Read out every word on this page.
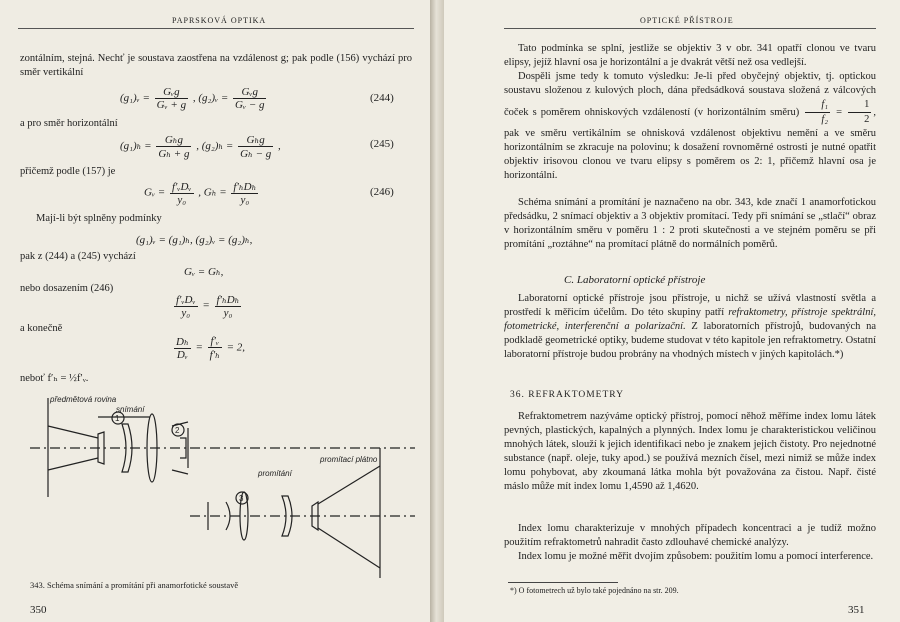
PAPRSKOVÁ OPTIKA
zontálním, stejná. Nechť je soustava zaostřena na vzdálenost g; pak podle (156) vychází pro směr vertikální
(g₁)ᵥ = $\frac{\text{Gᵥg}}{\text{Gᵥ + g}}$ , (g₂)ᵥ = $\frac{\text{Gᵥg}}{\text{Gᵥ − g}}$	(244)
a pro směr horizontální
$(g_1)_h = \frac{\text{Gₕg}}{\text{Gₕ + g}}$ , $(g_2)_h = \frac{\text{Gₕg}}{\text{Gₕ − g}}$ ,	(245)
přičemž podle (157) je
Gᵥ = $\frac{\text{f′ᵥDᵥ}}{\text{y₀}}$ , $G_h = \frac{\text{f′ₕDₕ}}{\text{y₀}}$	(246)
Mají-li být splněny podmínky
(g₁)ᵥ = (g₁)ₕ, (g₂)ᵥ = (g₂)ₕ,
pak z (244) a (245) vychází
Gᵥ = Gₕ,
nebo dosazením (246)
$\frac{\text{f′ᵥDᵥ}}{\text{y₀}} = \frac{\text{f′ₕDₕ}}{\text{y₀}}$
a konečně
$\frac{\text{Dₕ}}{\text{Dᵥ}} = \frac{\text{f′ᵥ}}{\text{f′ₕ}} = 2$,
neboť f′ₕ = ½f′ᵥ.
předmětová rovina
snímání
promítání
promítací plátno
1
2
3
343. Schéma snímání a promítání při anamorfotické soustavě
350
OPTICKÉ PŘÍSTROJE
Tato podmínka se splní, jestliže se objektiv 3 v obr. 341 opatří clonou ve tvaru elipsy, jejíž hlavní osa je horizontální a je dvakrát větší než osa vedlejší.
Dospěli jsme tedy k tomuto výsledku: Je-li před obyčejný objektiv, tj. optickou soustavu složenou z kulových ploch, dána předsádková soustava složená z válcových čoček s poměrem ohniskových vzdáleností (v horizontálním směru) $\frac{\text{f₁}}{\text{f₂}} = \frac{1}{2}$ , pak ve směru vertikálním se ohnisková vzdálenost objektivu nemění a ve směru horizontálním se zkracuje na polovinu; k dosažení rovnoměrné ostrosti je nutné opatřit objektiv irisovou clonou ve tvaru elipsy s poměrem os 2: 1, přičemž hlavní osa je horizontální.
Schéma snímání a promítání je naznačeno na obr. 343, kde značí 1 anamorfotickou předsádku, 2 snímací objektiv a 3 objektiv promítací. Tedy při snímání se „stlačí“ obraz v horizontálním směru v poměru 1 : 2 proti skutečnosti a ve stejném poměru se při promítání „roztáhne“ na promítací plátně do normálních poměrů.
C. Laboratorní optické přístroje
Laboratorní optické přístroje jsou přístroje, u nichž se užívá vlastností světla a prostředí k měřicím účelům. Do této skupiny patří refraktometry, přístroje spektrální, fotometrické, interferenční a polarizační. Z laboratorních přístrojů, budovaných na podkladě geometrické optiky, budeme studovat v této kapitole jen refraktometry. Ostatní laboratorní přístroje budou probrány na vhodných místech v jiných kapitolách.*)
36. REFRAKTOMETRY
Refraktometrem nazýváme optický přístroj, pomocí něhož měříme index lomu látek pevných, plastických, kapalných a plynných. Index lomu je charakteristickou veličinou mnohých látek, slouží k jejich identifikaci nebo je znakem jejich čistoty. Pro nejednotné substance (např. oleje, tuky apod.) se používá mezních čísel, mezi nimiž se může index lomu pohybovat, aby zkoumaná látka mohla být považována za čistou. Např. čisté máslo může mít index lomu 1,4590 až 1,4620.
Index lomu charakterizuje v mnohých případech koncentraci a je tudíž možno použitím refraktometrů nahradit často zdlouhavé chemické analýzy.
Index lomu je možné měřit dvojím způsobem: použitím lomu a pomocí interference.
*) O fotometrech už bylo také pojednáno na str. 209.
351
